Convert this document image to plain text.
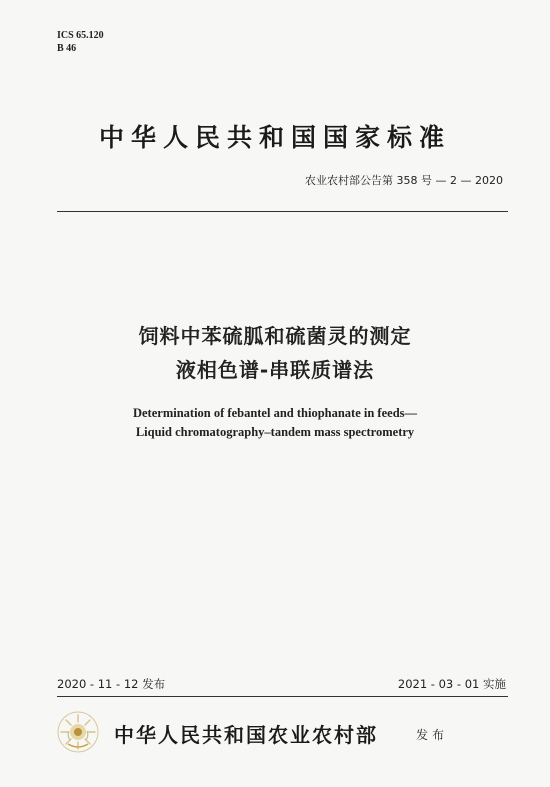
ICS 65.120
B 46
中华人民共和国国家标准
农业农村部公告第 358 号 — 2 — 2020
饲料中苯硫胍和硫菌灵的测定
液相色谱-串联质谱法
Determination of febantel and thiophanate in feeds—
Liquid chromatography–tandem mass spectrometry
2020 - 11 - 12 发布	2021 - 03 - 01 实施
中华人民共和国农业农村部	发布
